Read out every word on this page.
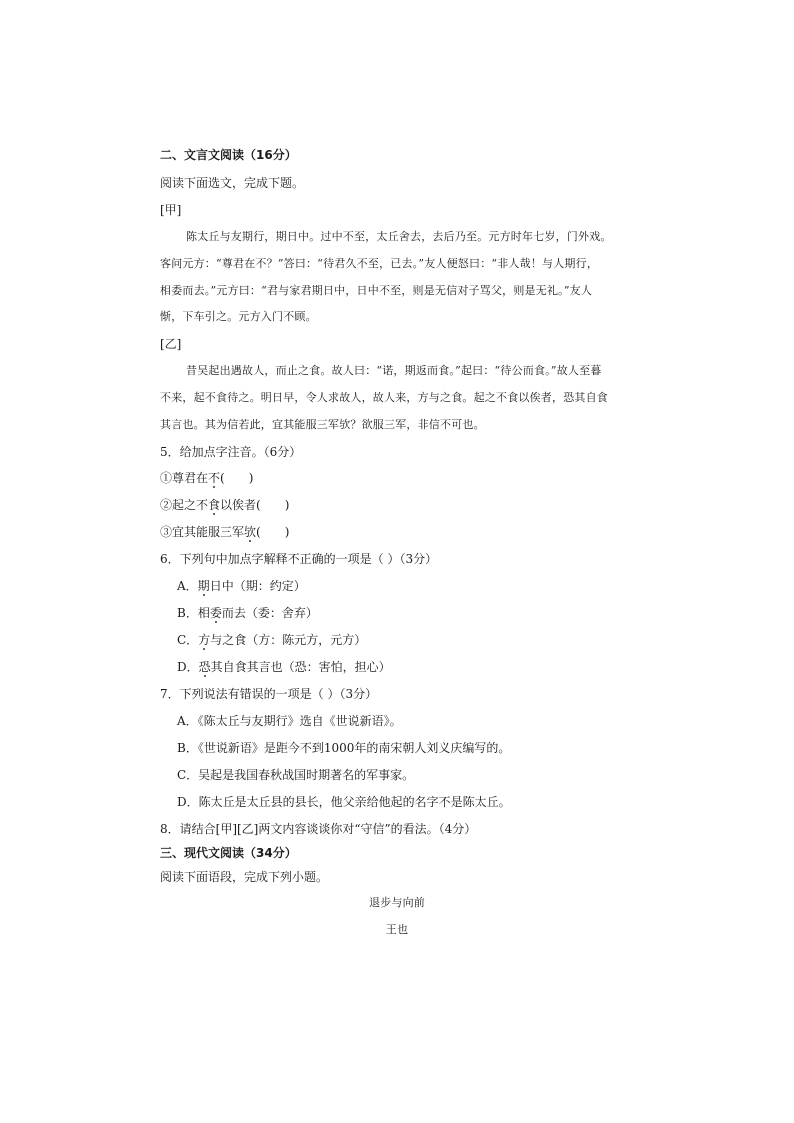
二、文言文阅读（16分）
阅读下面选文，完成下题。
[甲]
陈太丘与友期行，期日中。过中不至，太丘舍去，去后乃至。元方时年七岁，门外戏。
客问元方：“尊君在不？”答曰：“待君久不至，已去。”友人便怒曰：“非人哉！与人期行，
相委而去。”元方曰：“君与家君期日中，日中不至，则是无信对子骂父，则是无礼。”友人
惭，下车引之。元方入门不顾。
[乙]
昔吴起出遇故人，而止之食。故人曰：“诺，期返而食。”起曰：“待公而食。”故人至暮
不来，起不食待之。明日早，令人求故人，故人来，方与之食。起之不食以俟者，恐其自食
其言也。其为信若此，宜其能服三军欤？欲服三军，非信不可也。
5．给加点字注音。（6分）
①尊君在不(　　)
②起之不食以俟者(　　)
③宜其能服三军欤(　　)
6．下列句中加点字解释不正确的一项是（ ）（3分）
A．期日中（期：约定）
B．相委而去（委：舍弃）
C．方与之食（方：陈元方，元方）
D．恐其自食其言也（恐：害怕，担心）
7．下列说法有错误的一项是（ ）（3分）
A．《陈太丘与友期行》选自《世说新语》。
B．《世说新语》是距今不到1000年的南宋朝人刘义庆编写的。
C．吴起是我国春秋战国时期著名的军事家。
D．陈太丘是太丘县的县长，他父亲给他起的名字不是陈太丘。
8．请结合[甲][乙]两文内容谈谈你对“守信”的看法。（4分）
三、现代文阅读（34分）
阅读下面语段，完成下列小题。
退步与向前
王也
